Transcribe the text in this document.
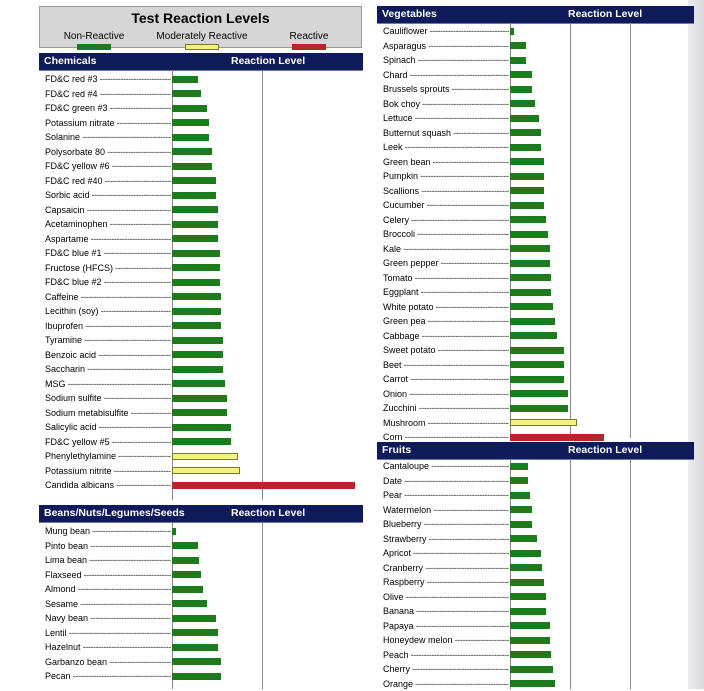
Test Reaction Levels
Non-Reactive	Moderately Reactive	Reactive
Chemicals	Reaction Level
FD&C red #3 -----
FD&C red #4 -----
FD&C green #3 -----
Potassium nitrate -----
Solanine -----
Polysorbate 80 -----
FD&C yellow #6 -----
FD&C red #40 -----
Sorbic acid -----
Capsaicin -----
Acetaminophen -----
Aspartame -----
FD&C blue #1 -----
Fructose (HFCS) -----
FD&C blue #2 -----
Caffeine -----
Lecithin (soy) -----
Ibuprofen -----
Tyramine -----
Benzoic acid -----
Saccharin -----
MSG -----
Sodium sulfite -----
Sodium metabisulfite -----
Salicylic acid -----
FD&C yellow #5 -----
Phenylethylamine -----
Potassium nitrite -----
Candida albicans -----
Beans/Nuts/Legumes/Seeds	Reaction Level
Mung bean -----
Pinto bean -----
Lima bean -----
Flaxseed -----
Almond -----
Sesame -----
Navy bean -----
Lentil -----
Hazelnut -----
Garbanzo bean -----
Pecan -----
Vegetables	Reaction Level
Cauliflower -----
Asparagus -----
Spinach -----
Chard -----
Brussels sprouts -----
Bok choy -----
Lettuce -----
Butternut squash -----
Leek -----
Green bean -----
Pumpkin -----
Scallions -----
Cucumber -----
Celery -----
Broccoli -----
Kale -----
Green pepper -----
Tomato -----
Eggplant -----
White potato -----
Green pea -----
Cabbage -----
Sweet potato -----
Beet -----
Carrot -----
Onion -----
Zucchini -----
Mushroom -----
Corn -----
Fruits	Reaction Level
Cantaloupe -----
Date -----
Pear -----
Watermelon -----
Blueberry -----
Strawberry -----
Apricot -----
Cranberry -----
Raspberry -----
Olive -----
Banana -----
Papaya -----
Honeydew melon -----
Peach -----
Cherry -----
Orange -----
